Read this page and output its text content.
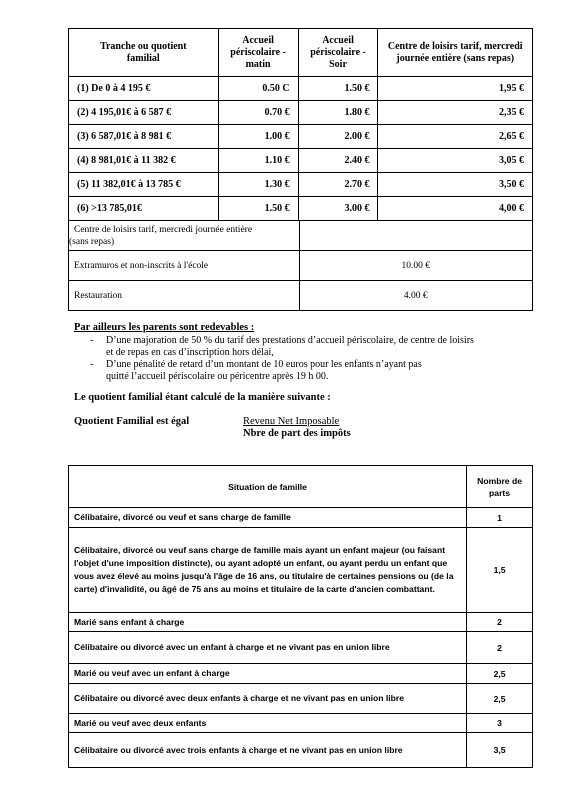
Tranche ou quotient familial	Accueil périscolaire - matin	Accueil périscolaire - Soir	Centre de loisirs tarif, mercredi journée entière (sans repas)
(1) De 0 à 4 195 €	0.50 C	1.50 €	1,95 €
(2) 4 195,01€ à 6 587 €	0.70 €	1.80 €	2,35 €
(3) 6 587,01€ à 8 981 €	1.00 €	2.00 €	2,65 €
(4) 8 981,01€ à 11 382 €	1.10 €	2.40 €	3,05 €
(5) 11 382,01€ à 13 785 €	1.30 €	2.70 €	3,50 €
(6) >13 785,01€	1.50 €	3.00 €	4,00 €
Centre de loisirs tarif, mercredi journée entière
(sans repas)	

Extramuros et non-inscrits à l'école	10.00 €
Restauration	4.00 €
Par ailleurs les parents sont redevables :
- D’une majoration de 50 % du tarif des prestations d’accueil périscolaire, de centre de loisirs
et de repas en cas d’inscription hors délai,
- D’une pénalité de retard d’un montant de 10 euros pour les enfants n’ayant pas
quitté l’accueil périscolaire ou péricentre après 19 h 00.
Le quotient familial étant calculé de la manière suivante :
Quotient Familial est égal	Revenu Net Imposable
Nbre de part des impôts
Situation de famille	Nombre de parts
Célibataire, divorcé ou veuf et sans charge de famille	1
Célibataire, divorcé ou veuf sans charge de famille mais ayant un enfant majeur (ou faisant l'objet d'une imposition distincte), ou ayant adopté un enfant, ou ayant perdu un enfant que vous avez élevé au moins jusqu'à l'âge de 16 ans, ou titulaire de certaines pensions ou (de la carte) d'invalidité, ou âgé de 75 ans au moins et titulaire de la carte d'ancien combattant.	1,5
Marié sans enfant à charge	2
Célibataire ou divorcé avec un enfant à charge et ne vivant pas en union libre	2
Marié ou veuf avec un enfant à charge	2,5
Célibataire ou divorcé avec deux enfants à charge et ne vivant pas en union libre	2,5
Marié ou veuf avec deux enfants	3
Célibataire ou divorcé avec trois enfants à charge et ne vivant pas en union libre	3,5
